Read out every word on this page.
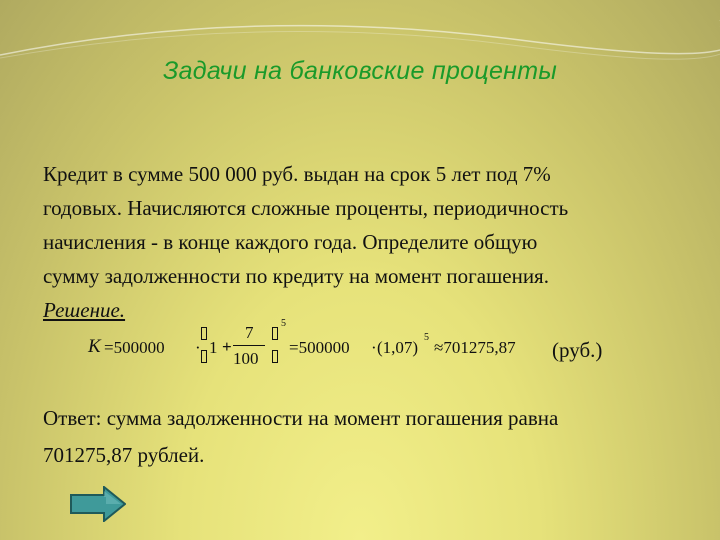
Задачи на банковские проценты
Кредит в сумме 500 000 руб. выдан на срок 5 лет под 7%
годовых. Начисляются сложные проценты, периодичность
начисления - в конце каждого года. Определите общую
сумму задолженности по кредиту на момент погашения.
Решение.
K =500000 · 1 +
7
100
5
=500000 · (1,07)
5
≈701275,87 (руб.)
Ответ: сумма задолженности на момент погашения равна
701275,87 рублей.
